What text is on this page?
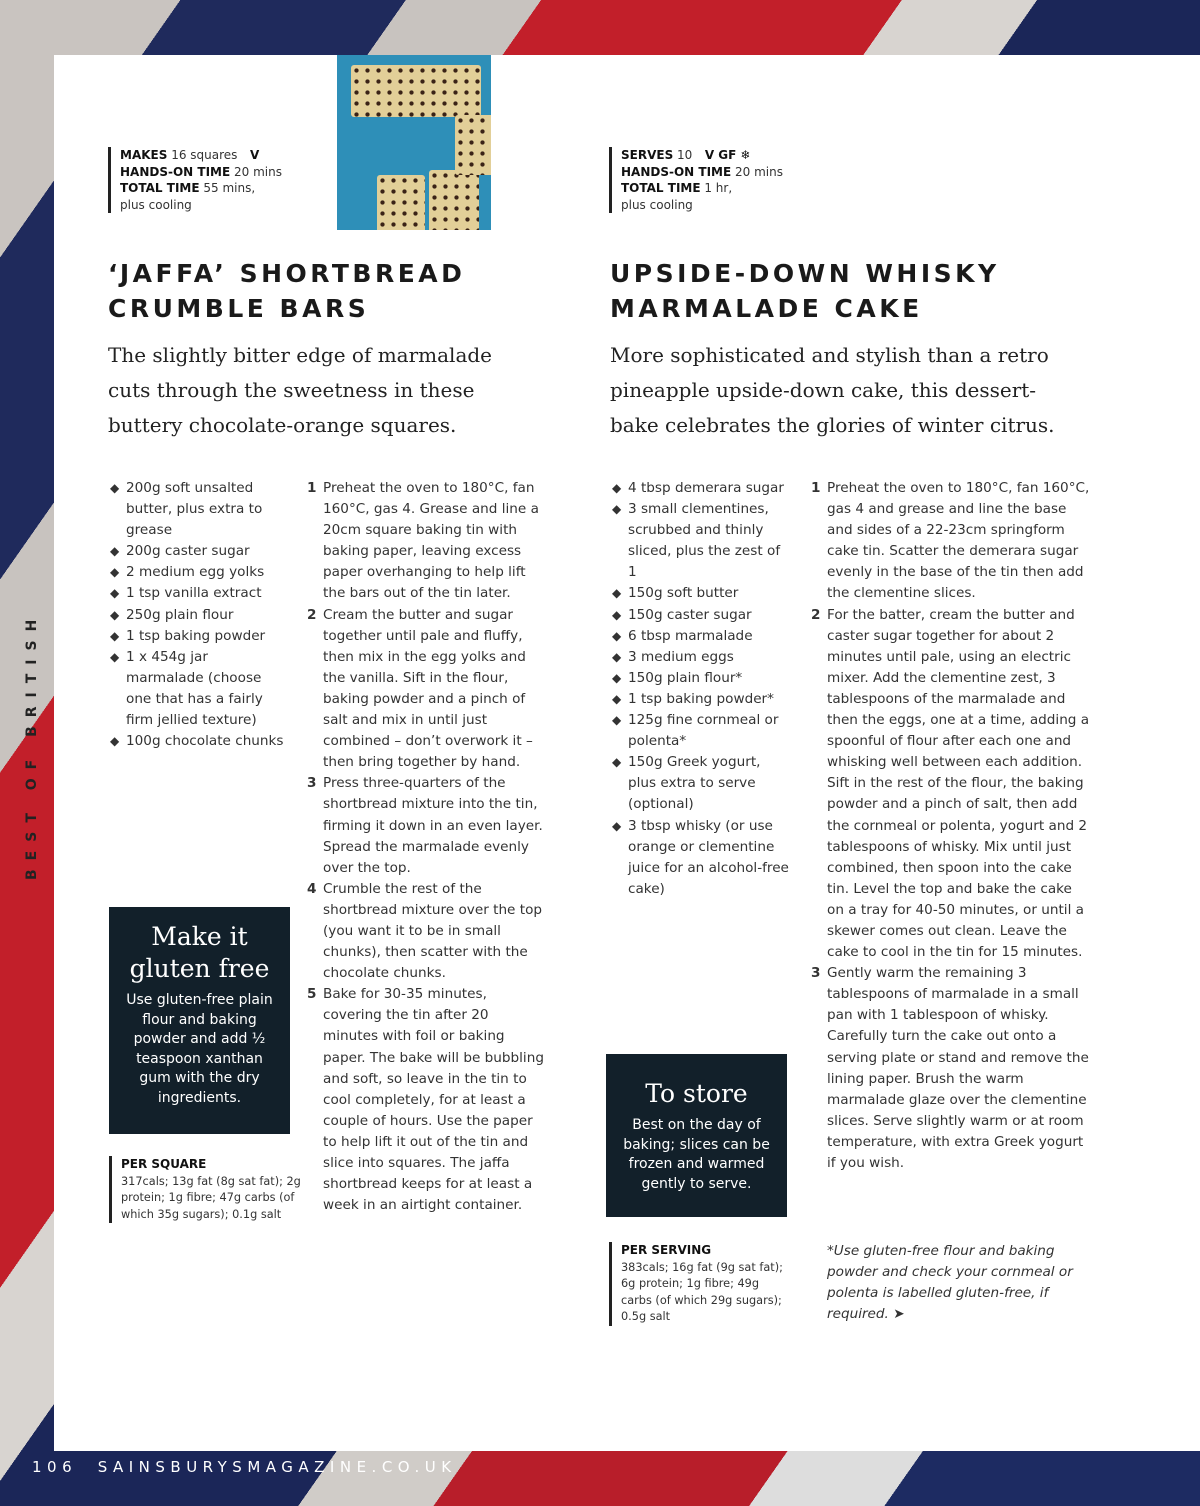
BEST OF BRITISH
MAKES 16 squares   V
HANDS-ON TIME 20 mins
TOTAL TIME 55 mins,
plus cooling
‘JAFFA’ SHORTBREAD CRUMBLE BARS
The slightly bitter edge of marmalade cuts through the sweetness in these buttery chocolate-orange squares.
◆ 200g soft unsalted butter, plus extra to grease
◆ 200g caster sugar
◆ 2 medium egg yolks
◆ 1 tsp vanilla extract
◆ 250g plain flour
◆ 1 tsp baking powder
◆ 1 x 454g jar marmalade (choose one that has a fairly firm jellied texture)
◆ 100g chocolate chunks
1 Preheat the oven to 180°C, fan 160°C, gas 4. Grease and line a 20cm square baking tin with baking paper, leaving excess paper overhanging to help lift the bars out of the tin later.
2 Cream the butter and sugar together until pale and fluffy, then mix in the egg yolks and the vanilla. Sift in the flour, baking powder and a pinch of salt and mix in until just combined – don’t overwork it – then bring together by hand.
3 Press three-quarters of the shortbread mixture into the tin, firming it down in an even layer. Spread the marmalade evenly over the top.
4 Crumble the rest of the shortbread mixture over the top (you want it to be in small chunks), then scatter with the chocolate chunks.
5 Bake for 30-35 minutes, covering the tin after 20 minutes with foil or baking paper. The bake will be bubbling and soft, so leave in the tin to cool completely, for at least a couple of hours. Use the paper to help lift it out of the tin and slice into squares. The jaffa shortbread keeps for at least a week in an airtight container.
Make it gluten free

Use gluten-free plain flour and baking powder and add ½ teaspoon xanthan gum with the dry ingredients.

PER SQUARE
317cals; 13g fat (8g sat fat); 2g protein; 1g fibre; 47g carbs (of which 35g sugars); 0.1g salt
SERVES 10   V GF ❄
HANDS-ON TIME 20 mins
TOTAL TIME 1 hr,
plus cooling
UPSIDE-DOWN WHISKY MARMALADE CAKE
More sophisticated and stylish than a retro pineapple upside-down cake, this dessert-bake celebrates the glories of winter citrus.
◆ 4 tbsp demerara sugar
◆ 3 small clementines, scrubbed and thinly sliced, plus the zest of 1
◆ 150g soft butter
◆ 150g caster sugar
◆ 6 tbsp marmalade
◆ 3 medium eggs
◆ 150g plain flour*
◆ 1 tsp baking powder*
◆ 125g fine cornmeal or polenta*
◆ 150g Greek yogurt, plus extra to serve (optional)
◆ 3 tbsp whisky (or use orange or clementine juice for an alcohol-free cake)
1 Preheat the oven to 180°C, fan 160°C, gas 4 and grease and line the base and sides of a 22-23cm springform cake tin. Scatter the demerara sugar evenly in the base of the tin then add the clementine slices.
2 For the batter, cream the butter and caster sugar together for about 2 minutes until pale, using an electric mixer. Add the clementine zest, 3 tablespoons of the marmalade and then the eggs, one at a time, adding a spoonful of flour after each one and whisking well between each addition. Sift in the rest of the flour, the baking powder and a pinch of salt, then add the cornmeal or polenta, yogurt and 2 tablespoons of whisky. Mix until just combined, then spoon into the cake tin. Level the top and bake the cake on a tray for 40-50 minutes, or until a skewer comes out clean. Leave the cake to cool in the tin for 15 minutes.
3 Gently warm the remaining 3 tablespoons of marmalade in a small pan with 1 tablespoon of whisky. Carefully turn the cake out onto a serving plate or stand and remove the lining paper. Brush the warm marmalade glaze over the clementine slices. Serve slightly warm or at room temperature, with extra Greek yogurt if you wish.
*Use gluten-free flour and baking powder and check your cornmeal or polenta is labelled gluten-free, if required. ➤
To store

Best on the day of baking; slices can be frozen and warmed gently to serve.

PER SERVING
383cals; 16g fat (9g sat fat); 6g protein; 1g fibre; 49g carbs (of which 29g sugars); 0.5g salt
106 SAINSBURYSMAGAZINE.CO.UK
